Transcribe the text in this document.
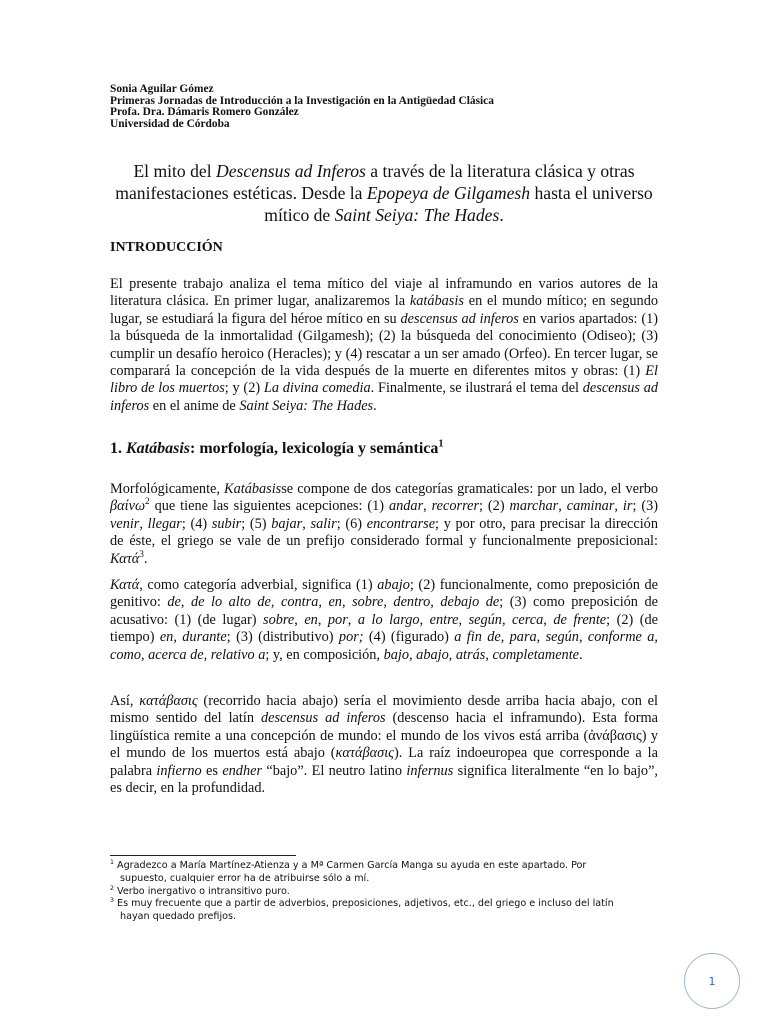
Sonia Aguilar Gómez
Primeras Jornadas de Introducción a la Investigación en la Antigüedad Clásica
Profa. Dra. Dámaris Romero González
Universidad de Córdoba
El mito del Descensus ad Inferos a través de la literatura clásica y otras manifestaciones estéticas. Desde la Epopeya de Gilgamesh hasta el universo mítico de Saint Seiya: The Hades.
INTRODUCCIÓN
El presente trabajo analiza el tema mítico del viaje al inframundo en varios autores de la literatura clásica. En primer lugar, analizaremos la katábasis en el mundo mítico; en segundo lugar, se estudiará la figura del héroe mítico en su descensus ad inferos en varios apartados: (1) la búsqueda de la inmortalidad (Gilgamesh); (2) la búsqueda del conocimiento (Odiseo); (3) cumplir un desafío heroico (Heracles); y (4) rescatar a un ser amado (Orfeo). En tercer lugar, se comparará la concepción de la vida después de la muerte en diferentes mitos y obras: (1) El libro de los muertos; y (2) La divina comedia. Finalmente, se ilustrará el tema del descensus ad inferos en el anime de Saint Seiya: The Hades.
1. Katábasis: morfología, lexicología y semántica$^1$
Morfológicamente, Katábasisse compone de dos categorías gramaticales: por un lado, el verbo βαίνω$^2$ que tiene las siguientes acepciones: (1) andar, recorrer; (2) marchar, caminar, ir; (3) venir, llegar; (4) subir; (5) bajar, salir; (6) encontrarse; y por otro, para precisar la dirección de éste, el griego se vale de un prefijo considerado formal y funcionalmente preposicional: Κατά$^3$.
Κατά, como categoría adverbial, significa (1) abajo; (2) funcionalmente, como preposición de genitivo: de, de lo alto de, contra, en, sobre, dentro, debajo de; (3) como preposición de acusativo: (1) (de lugar) sobre, en, por, a lo largo, entre, según, cerca, de frente; (2) (de tiempo) en, durante; (3) (distributivo) por; (4) (figurado) a fin de, para, según, conforme a, como, acerca de, relativo a; y, en composición, bajo, abajo, atrás, completamente.
Así, κατάβασις (recorrido hacia abajo) sería el movimiento desde arriba hacia abajo, con el mismo sentido del latín descensus ad inferos (descenso hacia el inframundo). Esta forma lingüística remite a una concepción de mundo: el mundo de los vivos está arriba (ἀνάβασις) y el mundo de los muertos está abajo (κατάβασις). La raíz indoeuropea que corresponde a la palabra infierno es endher “bajo”. El neutro latino infernus significa literalmente “en lo bajo”, es decir, en la profundidad.
$^1$ Agradezco a María Martínez-Atienza y a Mª Carmen García Manga su ayuda en este apartado. Por
supuesto, cualquier error ha de atribuirse sólo a mí.
$^2$ Verbo inergativo o intransitivo puro.
$^3$ Es muy frecuente que a partir de adverbios, preposiciones, adjetivos, etc., del griego e incluso del latín
hayan quedado prefijos.
1
